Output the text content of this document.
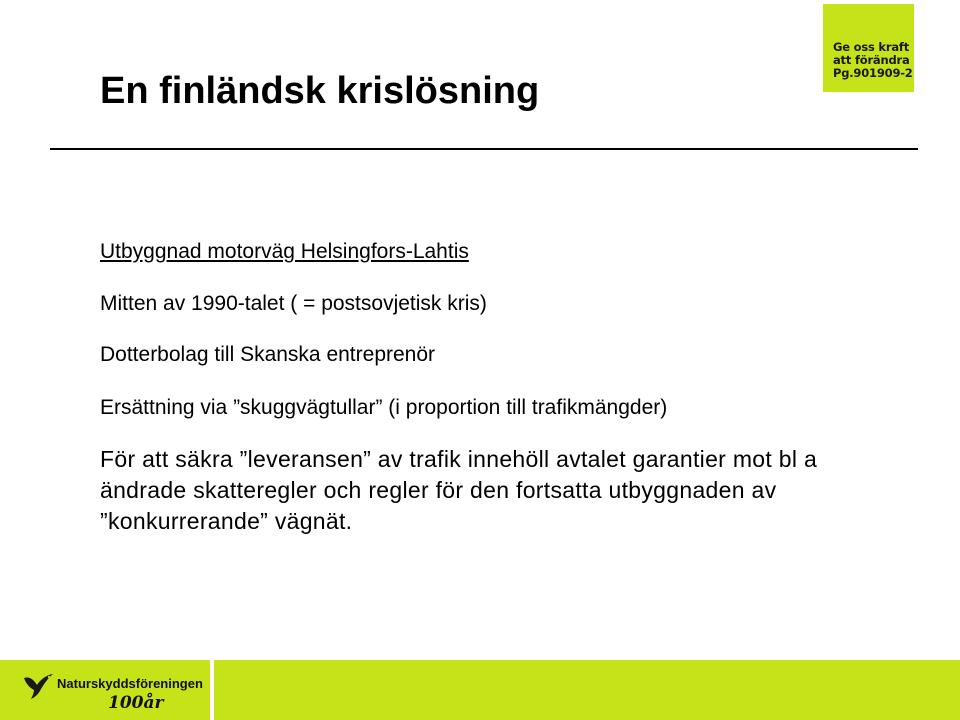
Ge oss kraft
att förändra
Pg.901909-2
En finländsk krislösning

Utbyggnad motorväg Helsingfors-Lahtis

Mitten av 1990-talet ( = postsovjetisk kris)

Dotterbolag till Skanska entreprenör

Ersättning via ”skuggvägtullar” (i proportion till trafikmängder)

För att säkra ”leveransen” av trafik innehöll avtalet garantier mot bl a ändrade skatteregler och regler för den fortsatta utbyggnaden av ”konkurrerande” vägnät.

Naturskyddsföreningen
100år
